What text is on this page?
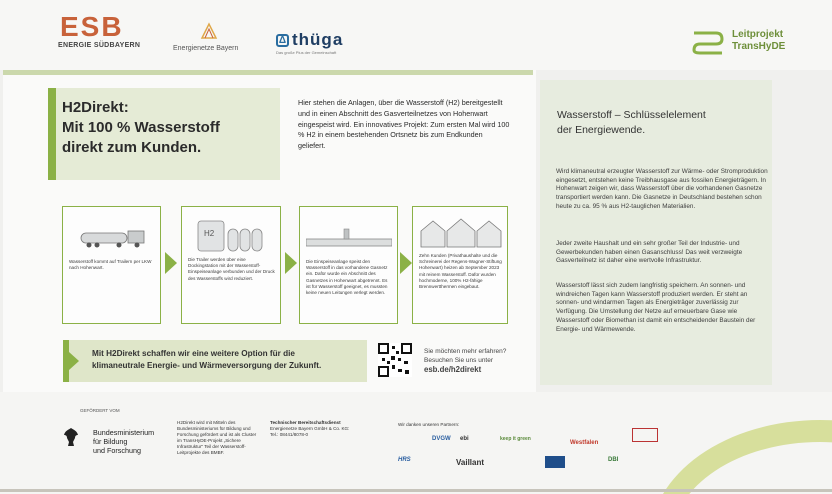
ESB
ENERGIE SÜDBAYERN	Energienetze Bayern
Δ thüga
Das große Plus der Gemeinschaft
Leitprojekt
TransHyDE
H2Direkt:
Mit 100 % Wasserstoff
direkt zum Kunden.
Hier stehen die Anlagen, über die Wasserstoff (H2) bereitgestellt und in einen Abschnitt des Gasverteilnetzes von Hohenwart eingespeist wird. Ein innovatives Projekt: Zum ersten Mal wird 100 % H2 in einem bestehenden Ortsnetz bis zum Endkunden geliefert.
Wasserstoff kommt auf Trailern per LKW nach Hohenwart.
H2
Die Trailer werden über eine Dockingstation mit der Wasserstoff-Einspeiseanlage verbunden und der Druck des Wasserstoffs wird reduziert.
Die Einspeiseanlage speist den Wasserstoff in das vorhandene Gasnetz ein. Dafür wurde ein Abschnitt des Gasnetzes in Hohenwart abgetrennt. Es ist für Wasserstoff geeignet, es mussten keine neuen Leitungen verlegt werden.
Zehn Kunden (Privathaushalte und die Schreinerei der Regens-Wagner-Stiftung Hohenwart) heizen ab September 2023 mit reinem Wasserstoff. Dafür wurden hochmoderne, 100% H2-fähige Brennwertthermen eingebaut.
Mit H2Direkt schaffen wir eine weitere Option für die
klimaneutrale Energie- und Wärmeversorgung der Zukunft.
Sie möchten mehr erfahren?
Besuchen Sie uns unter
esb.de/h2direkt
Wasserstoff – Schlüsselelement
der Energiewende.
Wird klimaneutral erzeugter Wasserstoff zur Wärme- oder Stromproduktion eingesetzt, entstehen keine Treibhausgase aus fossilen Energieträgern. In Hohenwart zeigen wir, dass Wasserstoff über die vorhandenen Gasnetze transportiert werden kann. Die Gasnetze in Deutschland bestehen schon heute zu ca. 95 % aus H2-tauglichen Materialien.
Jeder zweite Haushalt und ein sehr großer Teil der Industrie- und Gewerbekunden haben einen Gasanschluss! Das weit verzweigte Gasverteilnetz ist daher eine wertvolle Infrastruktur.
Wasserstoff lässt sich zudem langfristig speichern. An sonnen- und windreichen Tagen kann Wasserstoff produziert werden. Er steht an sonnen- und windarmen Tagen als Energieträger zuverlässig zur Verfügung. Die Umstellung der Netze auf erneuerbare Gase wie Wasserstoff oder Biomethan ist damit ein entscheidender Baustein der Energie- und Wärmewende.
GEFÖRDERT VOM
Bundesministerium
für Bildung
und Forschung
H2Direkt wird mit Mitteln des Bundesministeriums für Bildung und Forschung gefördert und ist als Cluster im TransHyDE-Projekt „Sichere Infrastruktur“ Teil der Wasserstoff-Leitprojekte des BMBF.
Technischer Bereitschaftsdienst
Energienetze Bayern GmbH & Co. KG:
Tel.: 08441/8078-0
Wir danken unseren Partnern:
DVGW ebi	keep it green
Westfalen
HRS	Vaillant	DBI
